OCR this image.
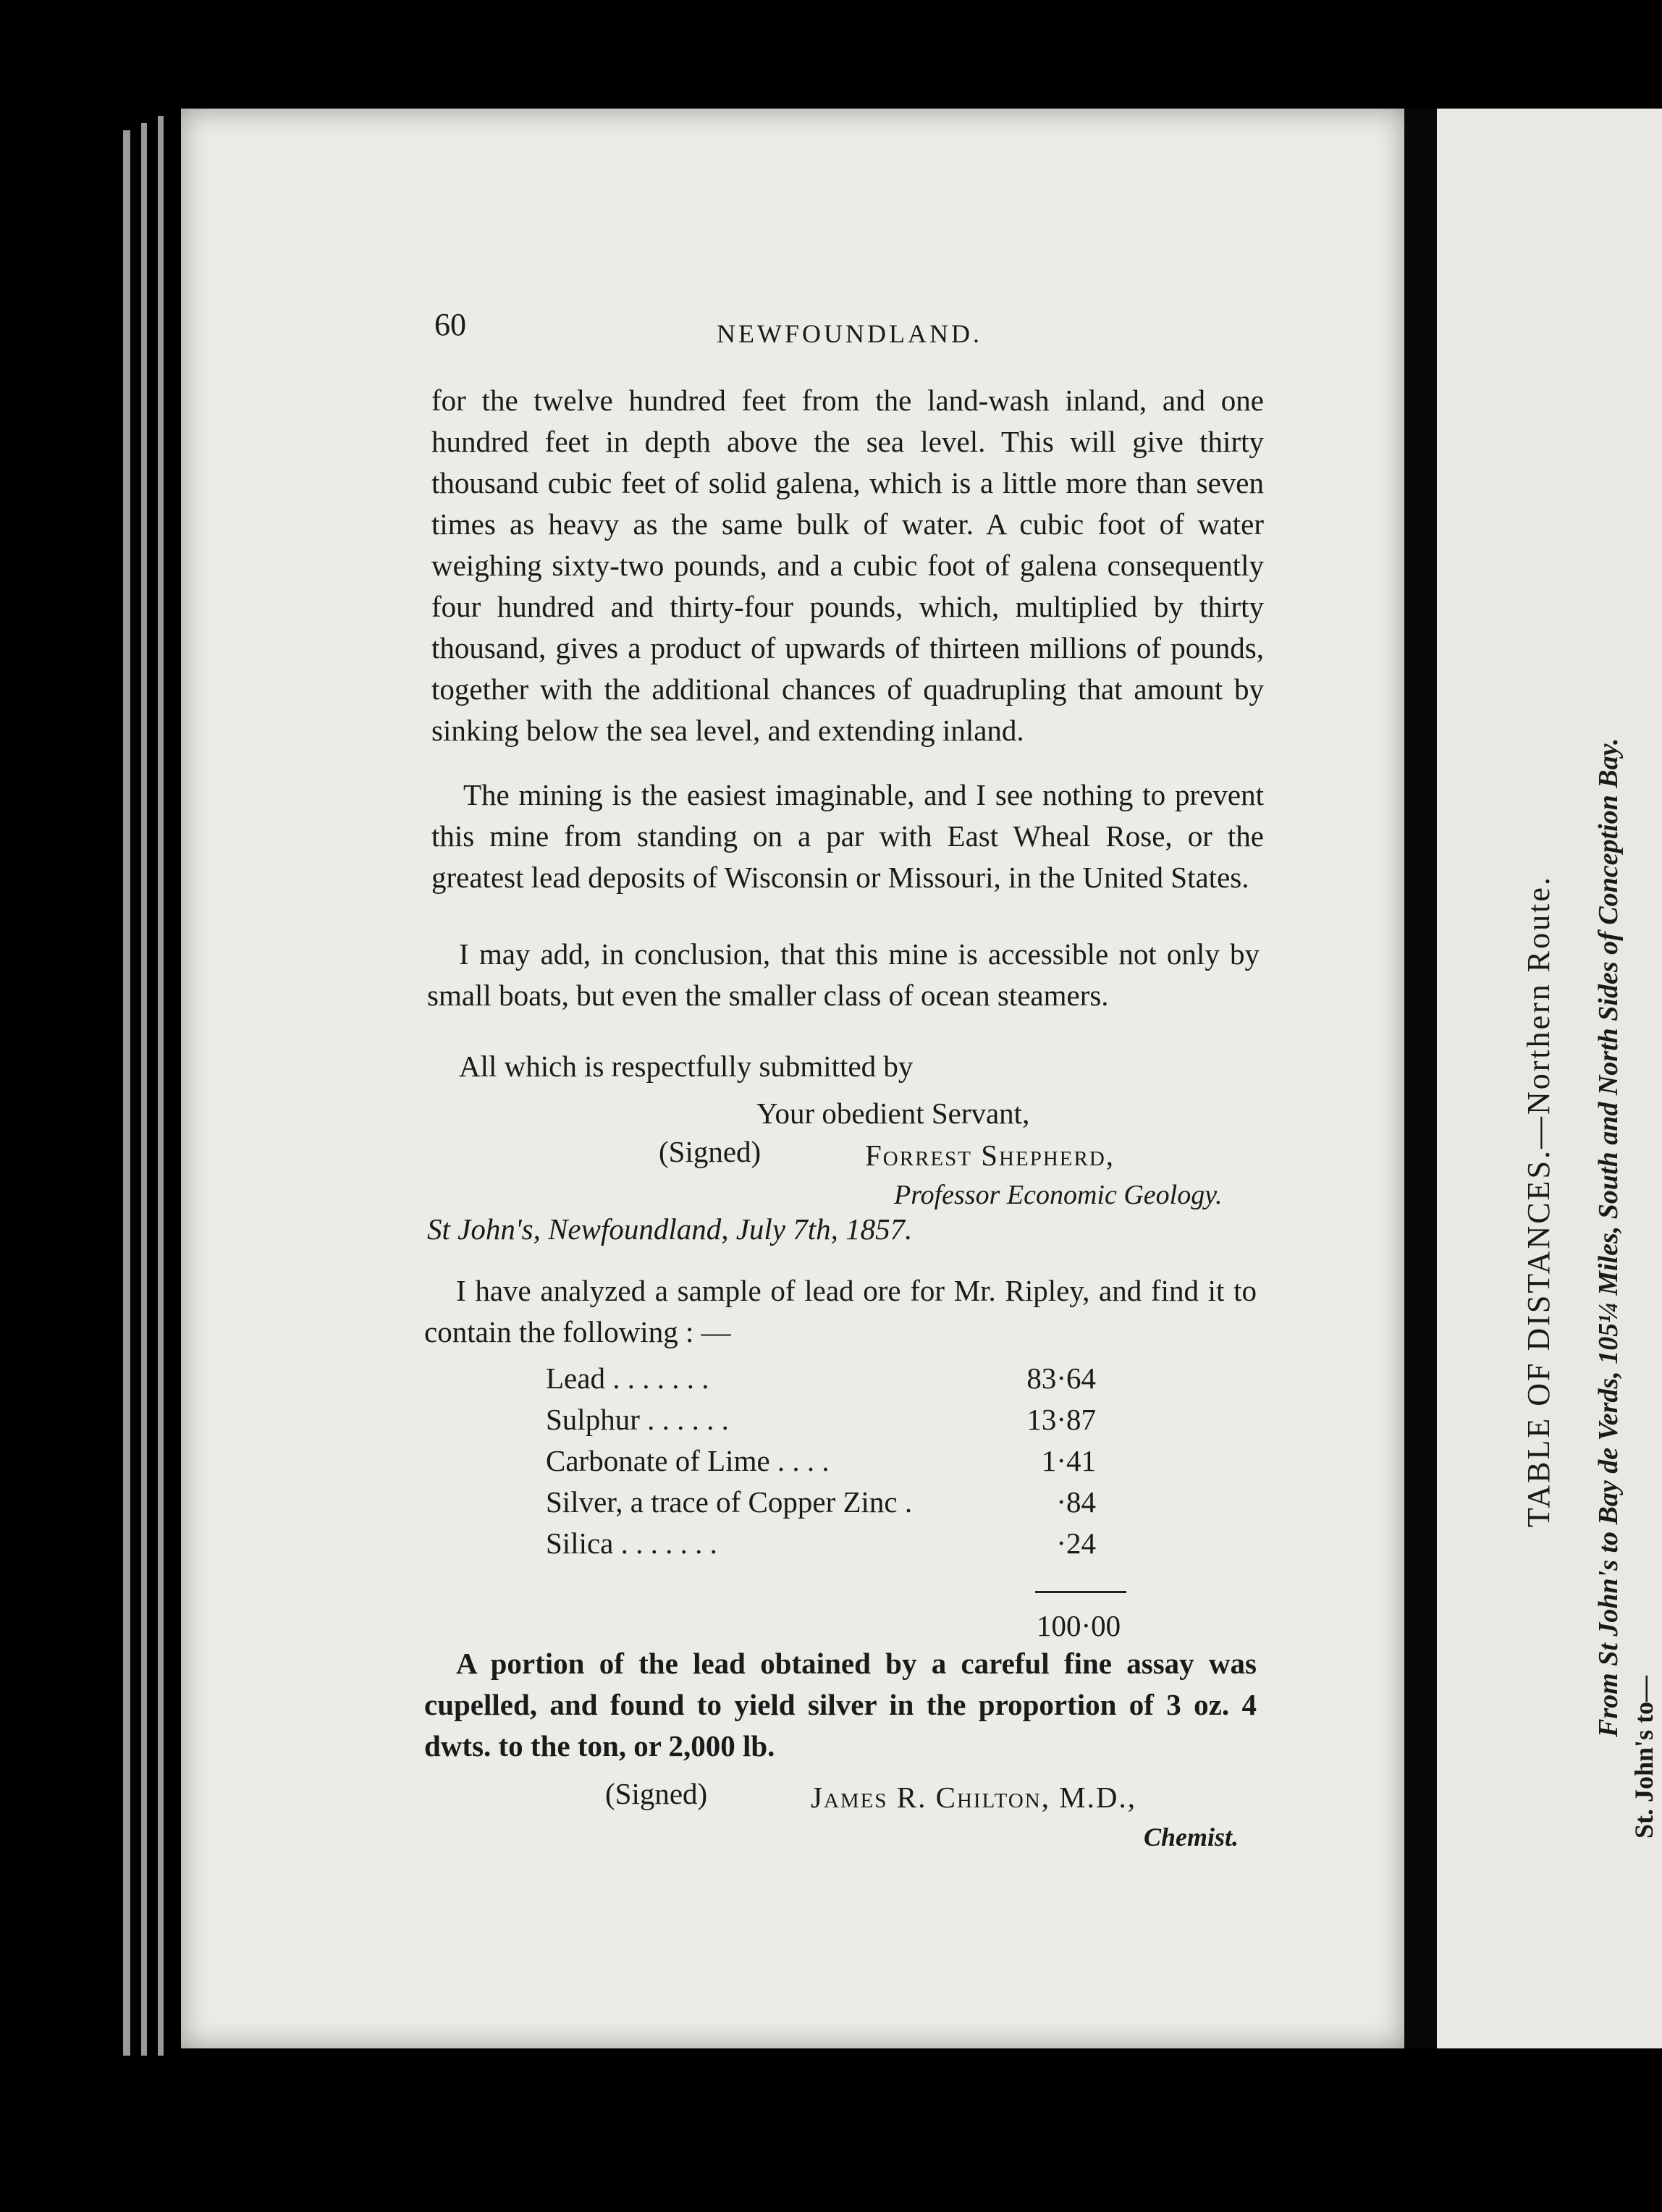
60	NEWFOUNDLAND.
for the twelve hundred feet from the land-wash inland, and one hundred feet in depth above the sea level. This will give thirty thousand cubic feet of solid galena, which is a little more than seven times as heavy as the same bulk of water. A cubic foot of water weighing sixty-two pounds, and a cubic foot of galena consequently four hundred and thirty-four pounds, which, multiplied by thirty thousand, gives a product of upwards of thirteen millions of pounds, together with the additional chances of quadrupling that amount by sinking below the sea level, and extending inland.
The mining is the easiest imaginable, and I see nothing to prevent this mine from standing on a par with East Wheal Rose, or the greatest lead deposits of Wisconsin or Missouri, in the United States.
I may add, in conclusion, that this mine is accessible not only by small boats, but even the smaller class of ocean steamers.
All which is respectfully submitted by
Your obedient Servant,
(Signed)	Forrest Shepherd,
Professor Economic Geology.
St John's, Newfoundland, July 7th, 1857.
I have analyzed a sample of lead ore for Mr. Ripley, and find it to contain the following : —
Lead . . . . . . .	83·64
Sulphur . . . . . .	13·87
Carbonate of Lime . . . .	1·41
Silver, a trace of Copper Zinc .	·84
Silica . . . . . . .	·24
100·00
A portion of the lead obtained by a careful fine assay was cupelled, and found to yield silver in the proportion of 3 oz. 4 dwts. to the ton, or 2,000 lb.
(Signed)	James R. Chilton, M.D.,
Chemist.
TABLE OF DISTANCES.—Northern Route. From St John's to Bay de Verds, 105¼ Miles, South and North Sides of Conception Bay.
St. John's to—
